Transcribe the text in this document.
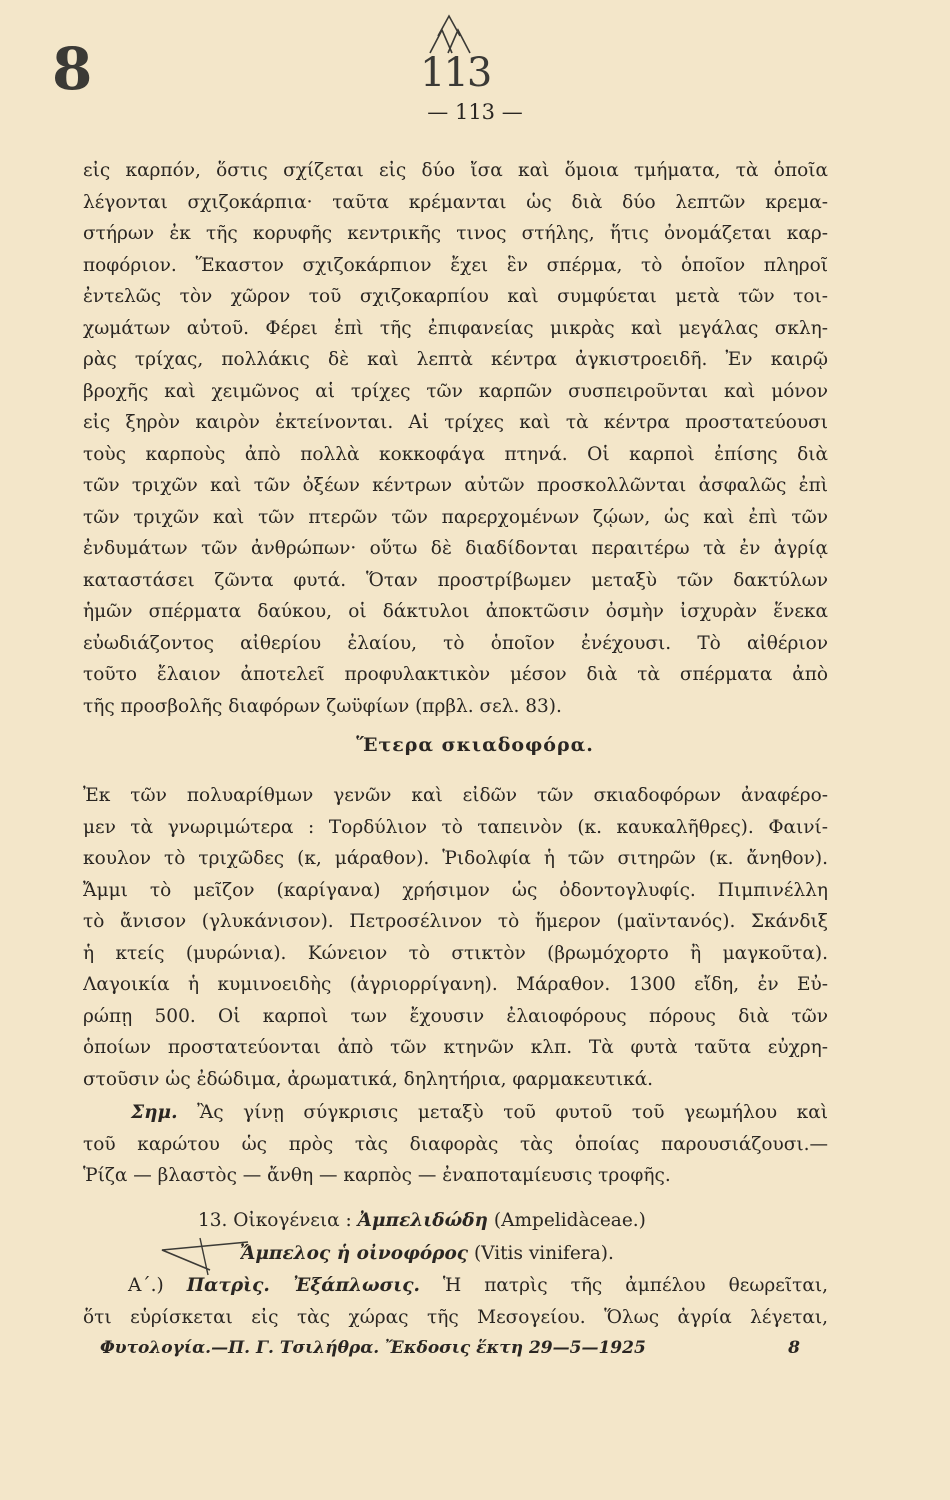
8	113
— 113 —
εἰς καρπόν, ὅστις σχίζεται εἰς δύο ἴσα καὶ ὅμοια τμήματα, τὰ ὁποῖα
λέγονται σχιζοκάρπια· ταῦτα κρέμανται ὡς διὰ δύο λεπτῶν κρεμα-
στήρων ἐκ τῆς κορυφῆς κεντρικῆς τινος στήλης, ἥτις ὀνομάζεται καρ-
ποφόριον. Ἕκαστον σχιζοκάρπιον ἔχει ἓν σπέρμα, τὸ ὁποῖον πληροῖ
ἐντελῶς τὸν χῶρον τοῦ σχιζοκαρπίου καὶ συμφύεται μετὰ τῶν τοι-
χωμάτων αὐτοῦ. Φέρει ἐπὶ τῆς ἐπιφανείας μικρὰς καὶ μεγάλας σκλη-
ρὰς τρίχας, πολλάκις δὲ καὶ λεπτὰ κέντρα ἀγκιστροειδῆ. Ἐν καιρῷ
βροχῆς καὶ χειμῶνος αἱ τρίχες τῶν καρπῶν συσπειροῦνται καὶ μόνον
εἰς ξηρὸν καιρὸν ἐκτείνονται. Αἱ τρίχες καὶ τὰ κέντρα προστατεύουσι
τοὺς καρποὺς ἀπὸ πολλὰ κοκκοφάγα πτηνά. Οἱ καρποὶ ἐπίσης διὰ
τῶν τριχῶν καὶ τῶν ὀξέων κέντρων αὐτῶν προσκολλῶνται ἀσφαλῶς ἐπὶ
τῶν τριχῶν καὶ τῶν πτερῶν τῶν παρερχομένων ζῴων, ὡς καὶ ἐπὶ τῶν
ἐνδυμάτων τῶν ἀνθρώπων· οὕτω δὲ διαδίδονται περαιτέρω τὰ ἐν ἀγρίᾳ
καταστάσει ζῶντα φυτά. Ὅταν προστρίβωμεν μεταξὺ τῶν δακτύλων
ἡμῶν σπέρματα δαύκου, οἱ δάκτυλοι ἀποκτῶσιν ὀσμὴν ἰσχυρὰν ἕνεκα
εὐωδιάζοντος αἰθερίου ἐλαίου, τὸ ὁποῖον ἐνέχουσι. Τὸ αἰθέριον
τοῦτο ἔλαιον ἀποτελεῖ προφυλακτικὸν μέσον διὰ τὰ σπέρματα ἀπὸ
τῆς προσβολῆς διαφόρων ζωϋφίων (πρβλ. σελ. 83).
Ἕτερα σκιαδοφόρα.
Ἐκ τῶν πολυαρίθμων γενῶν καὶ εἰδῶν τῶν σκιαδοφόρων ἀναφέρο-
μεν τὰ γνωριμώτερα : Τορδύλιον τὸ ταπεινὸν (κ. καυκαλῆθρες). Φαινί-
κουλον τὸ τριχῶδες (κ, μάραθον). Ῥιδολφία ἡ τῶν σιτηρῶν (κ. ἄνηθον).
Ἄμμι τὸ μεῖζον (καρίγανα) χρήσιμον ὡς ὀδοντογλυφίς. Πιμπινέλλη
τὸ ἄνισον (γλυκάνισον). Πετροσέλινον τὸ ἥμερον (μαϊντανός). Σκάνδιξ
ἡ κτείς (μυρώνια). Κώνειον τὸ στικτὸν (βρωμόχορτο ἢ μαγκοῦτα).
Λαγοικία ἡ κυμινοειδὴς (ἀγριορρίγανη). Μάραθον. 1300 εἴδη, ἐν Εὐ-
ρώπῃ 500. Οἱ καρποὶ των ἔχουσιν ἐλαιοφόρους πόρους διὰ τῶν
ὁποίων προστατεύονται ἀπὸ τῶν κτηνῶν κλπ. Τὰ φυτὰ ταῦτα εὐχρη-
στοῦσιν ὡς ἐδώδιμα, ἀρωματικά, δηλητήρια, φαρμακευτικά.
Σημ. Ἂς γίνῃ σύγκρισις μεταξὺ τοῦ φυτοῦ τοῦ γεωμήλου καὶ
τοῦ καρώτου ὡς πρὸς τὰς διαφορὰς τὰς ὁποίας παρουσιάζουσι.—
Ῥίζα — βλαστὸς — ἄνθη — καρπὸς — ἐναποταμίευσις τροφῆς.
13. Οἰκογένεια : Ἀμπελιδώδη (Ampelidàceae.)
Ἄμπελος ἡ οἰνοφόρος (Vitis vinifera).
Α΄.) Πατρὶς. Ἐξάπλωσις. Ἡ πατρὶς τῆς ἀμπέλου θεωρεῖται,
ὅτι εὑρίσκεται εἰς τὰς χώρας τῆς Μεσογείου. Ὅλως ἀγρία λέγεται,
Φυτολογία.—Π. Γ. Τσιλήθρα. Ἔκδοσις ἕκτη 29—5—1925	8
